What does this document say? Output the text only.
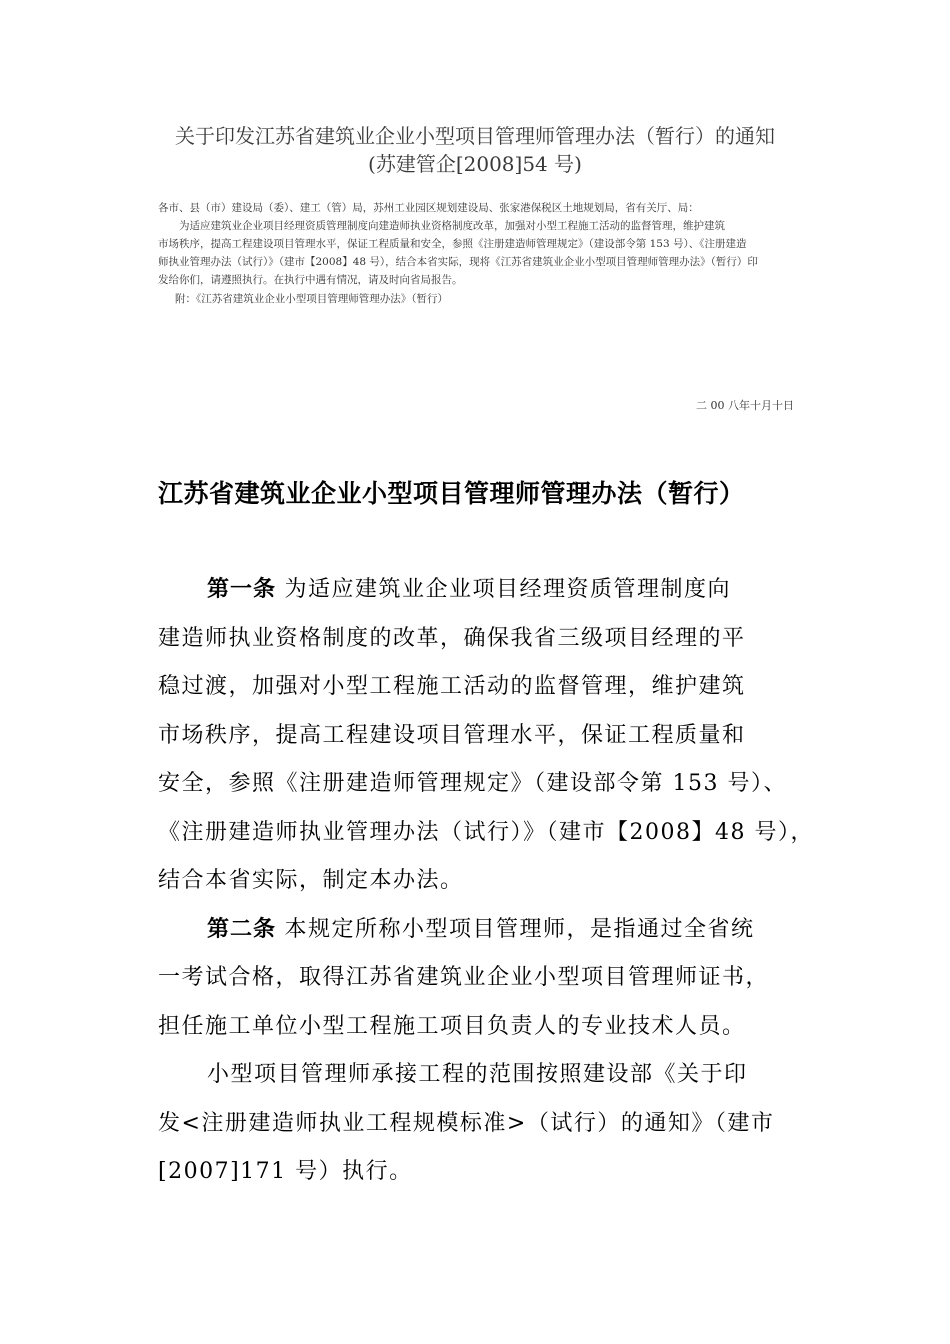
关于印发江苏省建筑业企业小型项目管理师管理办法（暂行）的通知
(苏建管企[2008]54 号)

各市、县（市）建设局（委）、建工（管）局，苏州工业园区规划建设局、张家港保税区土地规划局，省有关厅、局：

为适应建筑业企业项目经理资质管理制度向建造师执业资格制度改革，加强对小型工程施工活动的监督管理，维护建筑

市场秩序，提高工程建设项目管理水平，保证工程质量和安全，参照《注册建造师管理规定》（建设部令第 153 号）、《注册建造
师执业管理办法（试行）》（建市【2008】48 号），结合本省实际，现将《江苏省建筑业企业小型项目管理师管理办法》（暂行）印
发给你们，请遵照执行。在执行中遇有情况，请及时向省局报告。

附：《江苏省建筑业企业小型项目管理师管理办法》（暂行）

二 00 八年十月十日
江苏省建筑业企业小型项目管理师管理办法（暂行）

第一条 为适应建筑业企业项目经理资质管理制度向
建造师执业资格制度的改革，确保我省三级项目经理的平
稳过渡，加强对小型工程施工活动的监督管理，维护建筑
市场秩序，提高工程建设项目管理水平，保证工程质量和
安全，参照《注册建造师管理规定》（建设部令第 153 号）、
《注册建造师执业管理办法（试行）》（建市【2008】48 号），
结合本省实际，制定本办法。

第二条 本规定所称小型项目管理师，是指通过全省统
一考试合格，取得江苏省建筑业企业小型项目管理师证书，
担任施工单位小型工程施工项目负责人的专业技术人员。

小型项目管理师承接工程的范围按照建设部《关于印
发<注册建造师执业工程规模标准>（试行）的通知》（建市
[2007]171 号）执行。
